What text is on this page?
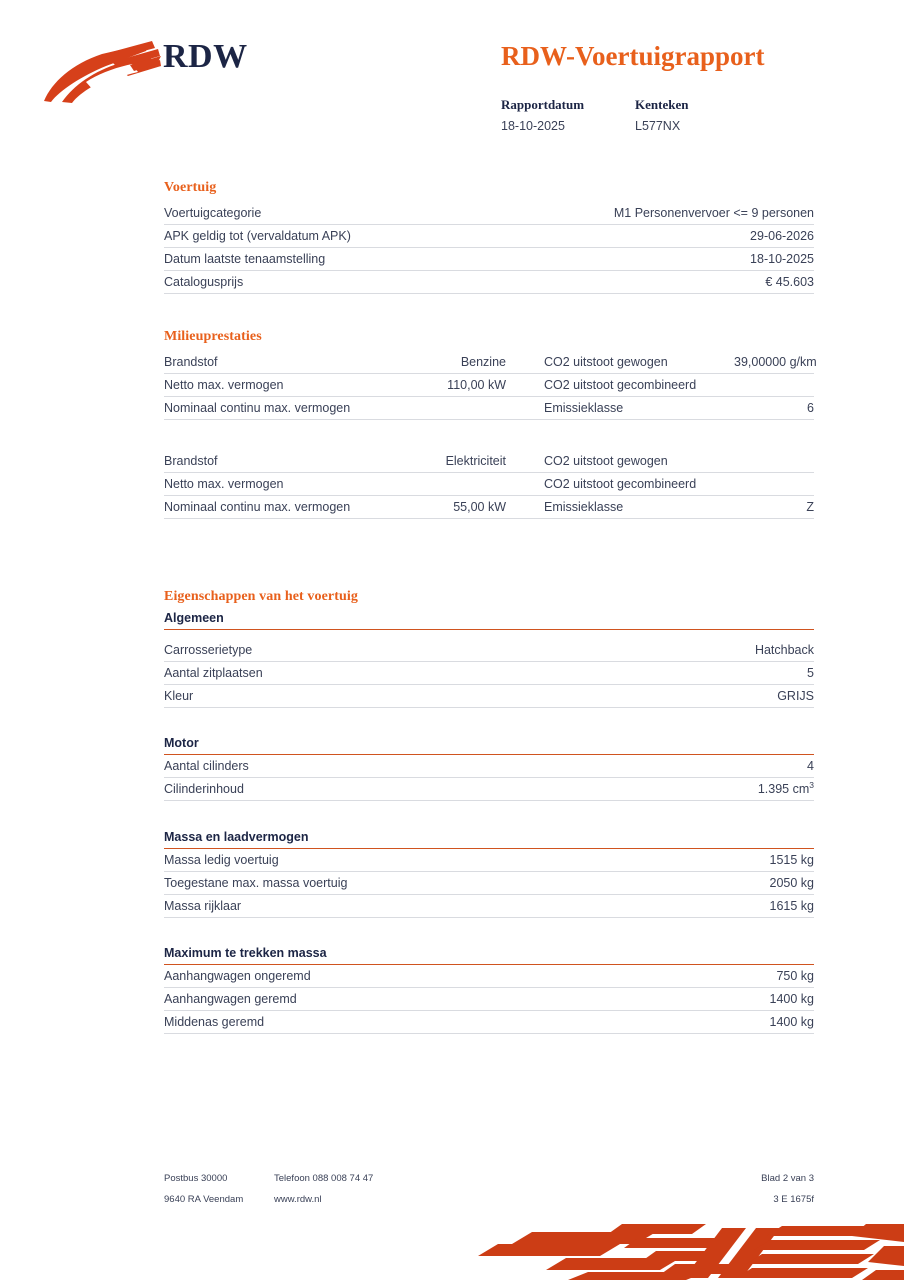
RDW	RDW-Voertuigrapport
Rapportdatum
18-10-2025
Kenteken
L577NX
Voertuig
Voertuigcategorie	M1 Personenvervoer <= 9 personen
APK geldig tot (vervaldatum APK)	29-06-2026
Datum laatste tenaamstelling	18-10-2025
Catalogusprijs	€ 45.603
Milieuprestaties
Brandstof	Benzine	CO2 uitstoot gewogen	39,00000 g/km
Netto max. vermogen	110,00 kW	CO2 uitstoot gecombineerd	
Nominaal continu max. vermogen		Emissieklasse	6
Brandstof	Elektriciteit	CO2 uitstoot gewogen	
Netto max. vermogen		CO2 uitstoot gecombineerd	
Nominaal continu max. vermogen	55,00 kW	Emissieklasse	Z
Eigenschappen van het voertuig
Algemeen
Carrosserietype	Hatchback
Aantal zitplaatsen	5
Kleur	GRIJS
Motor
Aantal cilinders	4
Cilinderinhoud	1.395 $cm^3$
Massa en laadvermogen
Massa ledig voertuig	1515 kg
Toegestane max. massa voertuig	2050 kg
Massa rijklaar	1615 kg
Maximum te trekken massa
Aanhangwagen ongeremd	750 kg
Aanhangwagen geremd	1400 kg
Middenas geremd	1400 kg
Postbus 30000	Telefoon 088 008 74 47	Blad 2 van 3
9640 RA Veendam	www.rdw.nl	3 E 1675f
